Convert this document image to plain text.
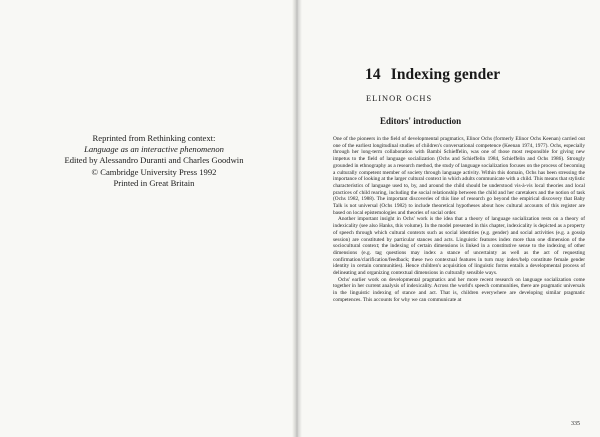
Reprinted from Rethinking context:
Language as an interactive phenomenon
Edited by Alessandro Duranti and Charles Goodwin
© Cambridge University Press 1992
Printed in Great Britain
14 Indexing gender
ELINOR OCHS
Editors' introduction

One of the pioneers in the field of developmental pragmatics, Elinor Ochs (formerly Elinor Ochs Keenan) carried out one of the earliest longitudinal studies of children's conversational competence (Keenan 1974, 1977). Ochs, especially through her long-term collaboration with Bambi Schieffelin, was one of those most responsible for giving new impetus to the field of language socialization (Ochs and Schieffelin 1984, Schieffelin and Ochs 1986). Strongly grounded in ethnography as a research method, the study of language socialization focuses on the process of becoming a culturally competent member of society through language activity. Within this domain, Ochs has been stressing the importance of looking at the larger cultural context in which adults communicate with a child. This means that stylistic characteristics of language used to, by, and around the child should be understood vis-à-vis local theories and local practices of child rearing, including the social relationship between the child and her caretakers and the notion of task (Ochs 1982, 1988). The important discoveries of this line of research go beyond the empirical discovery that Baby Talk is not universal (Ochs 1982) to include theoretical hypotheses about how cultural accounts of this register are based on local epistemologies and theories of social order.

Another important insight in Ochs' work is the idea that a theory of language socialization rests on a theory of indexicality (see also Hanks, this volume). In the model presented in this chapter, indexicality is depicted as a property of speech through which cultural contexts such as social identities (e.g. gender) and social activities (e.g. a gossip session) are constituted by particular stances and acts. Linguistic features index more than one dimension of the sociocultural context; the indexing of certain dimensions is linked in a constitutive sense to the indexing of other dimensions (e.g. tag questions may index a stance of uncertainty as well as the act of requesting confirmation/clarification/feedback; these two contextual features in turn may index/help constitute female gender identity in certain communities). Hence children's acquisition of linguistic forms entails a developmental process of delineating and organizing contextual dimensions in culturally sensible ways.

Ochs' earlier work on developmental pragmatics and her more recent research on language socialization come together in her current analysis of indexicality. Across the world's speech communities, there are pragmatic universals in the linguistic indexing of stance and act. That is, children everywhere are developing similar pragmatic competences. This accounts for why we can communicate at

335
